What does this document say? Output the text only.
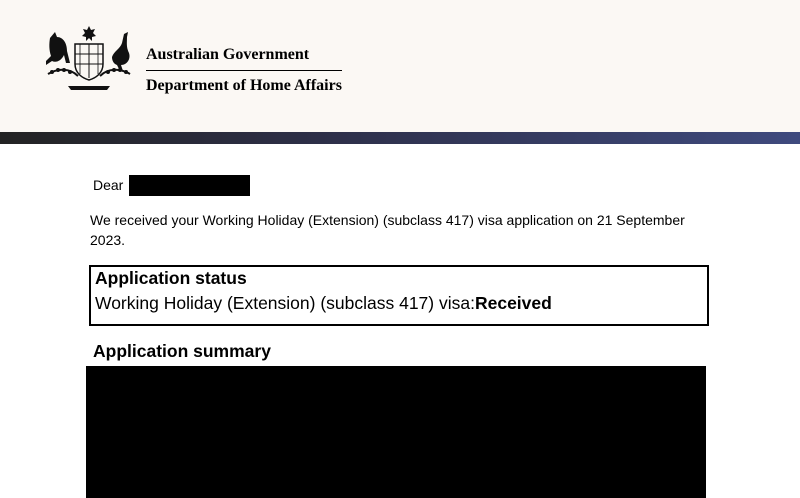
Australian Government
Department of Home Affairs
Dear
We received your Working Holiday (Extension) (subclass 417) visa application on 21 September 2023.
Application status
Working Holiday (Extension) (subclass 417) visa:Received
Application summary
